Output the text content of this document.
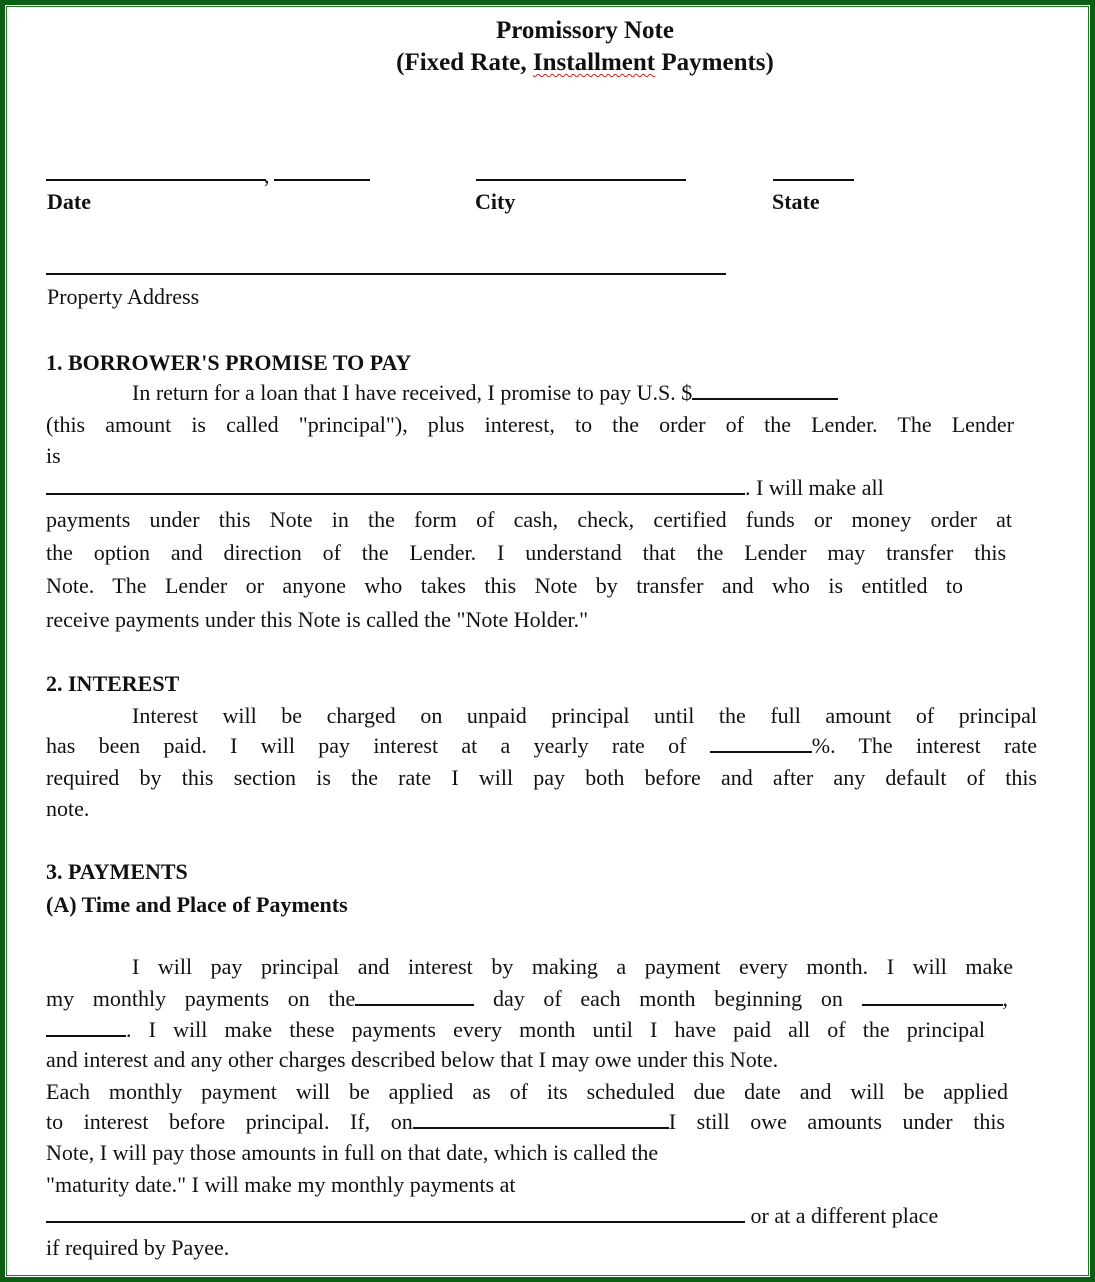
Promissory Note
(Fixed Rate, Installment Payments)
,
Date	City	State
Property Address
1. BORROWER'S PROMISE TO PAY
In return for a loan that I have received, I promise to pay U.S. $
(this amount is called "principal"), plus interest, to the order of the Lender. The Lender
is
. I will make all
payments under this Note in the form of cash, check, certified funds or money order at
the option and direction of the Lender. I understand that the Lender may transfer this
Note. The Lender or anyone who takes this Note by transfer and who is entitled to
receive payments under this Note is called the "Note Holder."
2. INTEREST
Interest will be charged on unpaid principal until the full amount of principal
has been paid. I will pay interest at a yearly rate of	%. The interest rate
required by this section is the rate I will pay both before and after any default of this
note.
3. PAYMENTS
(A) Time and Place of Payments
I will pay principal and interest by making a payment every month. I will make
my monthly payments on the	day of each month beginning on	,
. I will make these payments every month until I have paid all of the principal
and interest and any other charges described below that I may owe under this Note.
Each monthly payment will be applied as of its scheduled due date and will be applied
to interest before principal. If, on	I still owe amounts under this
Note, I will pay those amounts in full on that date, which is called the
"maturity date." I will make my monthly payments at
or at a different place
if required by Payee.
